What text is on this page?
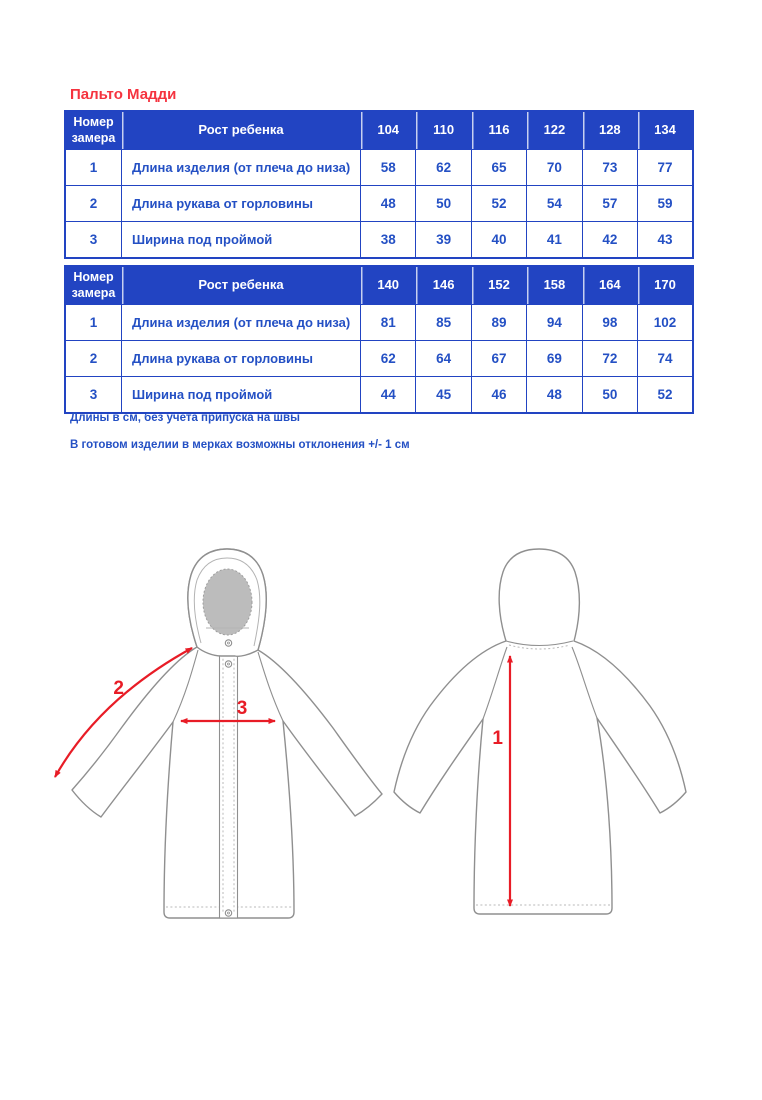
Пальто Мадди
Номер замера	Рост ребенка	104	110	116	122	128	134
1	Длина изделия (от плеча до низа)	58	62	65	70	73	77
2	Длина рукава от горловины	48	50	52	54	57	59
3	Ширина под проймой	38	39	40	41	42	43
Номер замера	Рост ребенка	140	146	152	158	164	170
1	Длина изделия (от плеча до низа)	81	85	89	94	98	102
2	Длина рукава от горловины	62	64	67	69	72	74
3	Ширина под проймой	44	45	46	48	50	52
Длины в см, без учета припуска на швы
В готовом изделии в мерках возможны отклонения +/- 1 см
1
2
3
